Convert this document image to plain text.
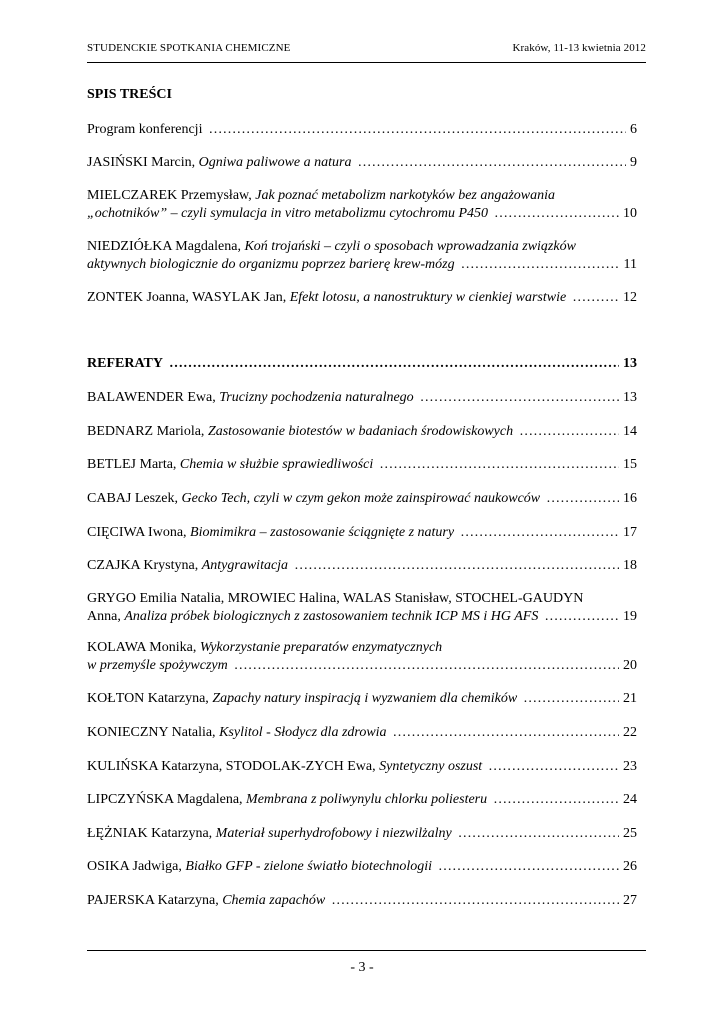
STUDENCKIE SPOTKANIA CHEMICZNE	Kraków, 11-13 kwietnia 2012
SPIS TREŚCI
Program konferencji ……………………………………………………………………………………………………………………………………………………………………	6
JASIŃSKI Marcin, Ogniwa paliwowe a natura ……………………………………………………………………………………………………………………………………………………………………	9
MIELCZAREK Przemysław, Jak poznać metabolizm narkotyków bez angażowania
„ochotników” – czyli symulacja in vitro metabolizmu cytochromu P450 ……………………………………………………………………………………………………………………………………………………………………	10
NIEDZIÓŁKA Magdalena, Koń trojański – czyli o sposobach wprowadzania związków
aktywnych biologicznie do organizmu poprzez barierę krew-mózg ……………………………………………………………………………………………………………………………………………………………………	11
ZONTEK Joanna, WASYLAK Jan, Efekt lotosu, a nanostruktury w cienkiej warstwie ……………………………………………………………………………………………………………………………………………………………………	12
REFERATY ……………………………………………………………………………………………………………………………………………………………………	13
BALAWENDER Ewa, Trucizny pochodzenia naturalnego ……………………………………………………………………………………………………………………………………………………………………	13
BEDNARZ Mariola, Zastosowanie biotestów w badaniach środowiskowych ……………………………………………………………………………………………………………………………………………………………………	14
BETLEJ Marta, Chemia w służbie sprawiedliwości ……………………………………………………………………………………………………………………………………………………………………	15
CABAJ Leszek, Gecko Tech, czyli w czym gekon może zainspirować naukowców ……………………………………………………………………………………………………………………………………………………………………	16
CIĘCIWA Iwona, Biomimikra – zastosowanie ściągnięte z natury ……………………………………………………………………………………………………………………………………………………………………	17
CZAJKA Krystyna, Antygrawitacja ……………………………………………………………………………………………………………………………………………………………………	18
GRYGO Emilia Natalia, MROWIEC Halina, WALAS Stanisław, STOCHEL-GAUDYN
Anna, Analiza próbek biologicznych z zastosowaniem technik ICP MS i HG AFS ……………………………………………………………………………………………………………………………………………………………………	19
KOLAWA Monika, Wykorzystanie preparatów enzymatycznych
w przemyśle spożywczym ……………………………………………………………………………………………………………………………………………………………………	20
KOŁTON Katarzyna, Zapachy natury inspiracją i wyzwaniem dla chemików ……………………………………………………………………………………………………………………………………………………………………	21
KONIECZNY Natalia, Ksylitol - Słodycz dla zdrowia ……………………………………………………………………………………………………………………………………………………………………	22
KULIŃSKA Katarzyna, STODOLAK-ZYCH Ewa, Syntetyczny oszust ……………………………………………………………………………………………………………………………………………………………………	23
LIPCZYŃSKA Magdalena, Membrana z poliwynylu chlorku poliesteru ……………………………………………………………………………………………………………………………………………………………………	24
ŁĘŻNIAK Katarzyna, Materiał superhydrofobowy i niezwilżalny ……………………………………………………………………………………………………………………………………………………………………	25
OSIKA Jadwiga, Białko GFP - zielone światło biotechnologii ……………………………………………………………………………………………………………………………………………………………………	26
PAJERSKA Katarzyna, Chemia zapachów ……………………………………………………………………………………………………………………………………………………………………	27
- 3 -
